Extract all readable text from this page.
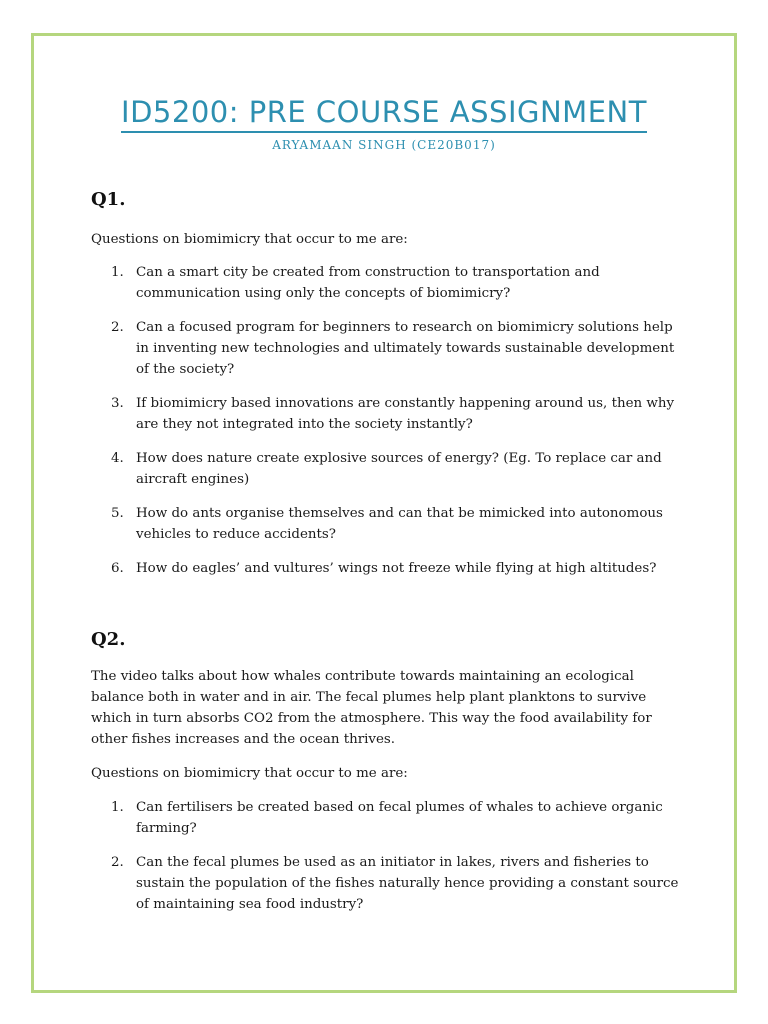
ID5200: PRE COURSE ASSIGNMENT
ARYAMAAN SINGH (CE20B017)
Q1.
Questions on biomimicry that occur to me are:
1. Can a smart city be created from construction to transportation and communication using only the concepts of biomimicry?
2. Can a focused program for beginners to research on biomimicry solutions help in inventing new technologies and ultimately towards sustainable development of the society?
3. If biomimicry based innovations are constantly happening around us, then why are they not integrated into the society instantly?
4. How does nature create explosive sources of energy? (Eg. To replace car and aircraft engines)
5. How do ants organise themselves and can that be mimicked into autonomous vehicles to reduce accidents?
6. How do eagles’ and vultures’ wings not freeze while flying at high altitudes?
Q2.
The video talks about how whales contribute towards maintaining an ecological balance both in water and in air. The fecal plumes help plant planktons to survive which in turn absorbs CO2 from the atmosphere. This way the food availability for other fishes increases and the ocean thrives.
Questions on biomimicry that occur to me are:
1. Can fertilisers be created based on fecal plumes of whales to achieve organic farming?
2. Can the fecal plumes be used as an initiator in lakes, rivers and fisheries to sustain the population of the fishes naturally hence providing a constant source of maintaining sea food industry?
